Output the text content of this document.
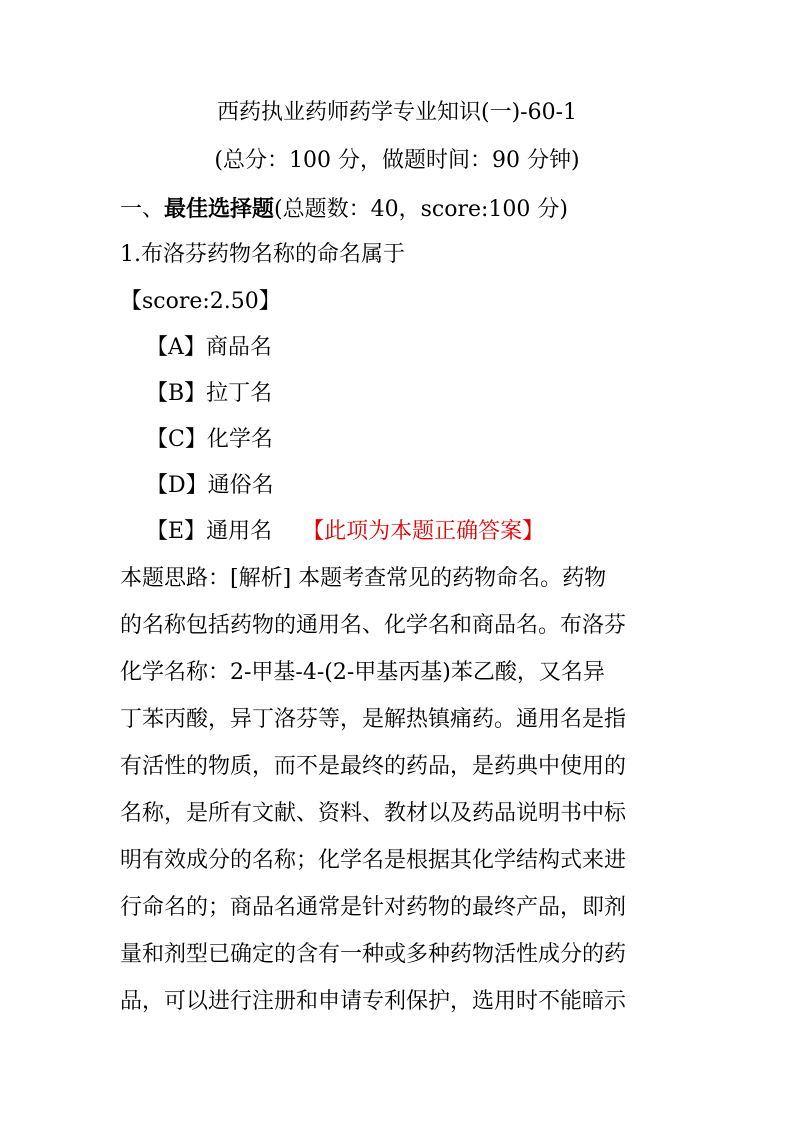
西药执业药师药学专业知识(一)-60-1
(总分：100 分，做题时间：90 分钟)
一、最佳选择题(总题数：40，score:100 分)
1.布洛芬药物名称的命名属于
【score:2.50】
【A】商品名
【B】拉丁名
【C】化学名
【D】通俗名
【E】通用名 【此项为本题正确答案】
本题思路：[解析] 本题考查常见的药物命名。药物
的名称包括药物的通用名、化学名和商品名。布洛芬
化学名称：2-甲基-4-(2-甲基丙基)苯乙酸，又名异
丁苯丙酸，异丁洛芬等，是解热镇痛药。通用名是指
有活性的物质，而不是最终的药品，是药典中使用的
名称，是所有文献、资料、教材以及药品说明书中标
明有效成分的名称；化学名是根据其化学结构式来进
行命名的；商品名通常是针对药物的最终产品，即剂
量和剂型已确定的含有一种或多种药物活性成分的药
品，可以进行注册和申请专利保护，选用时不能暗示
